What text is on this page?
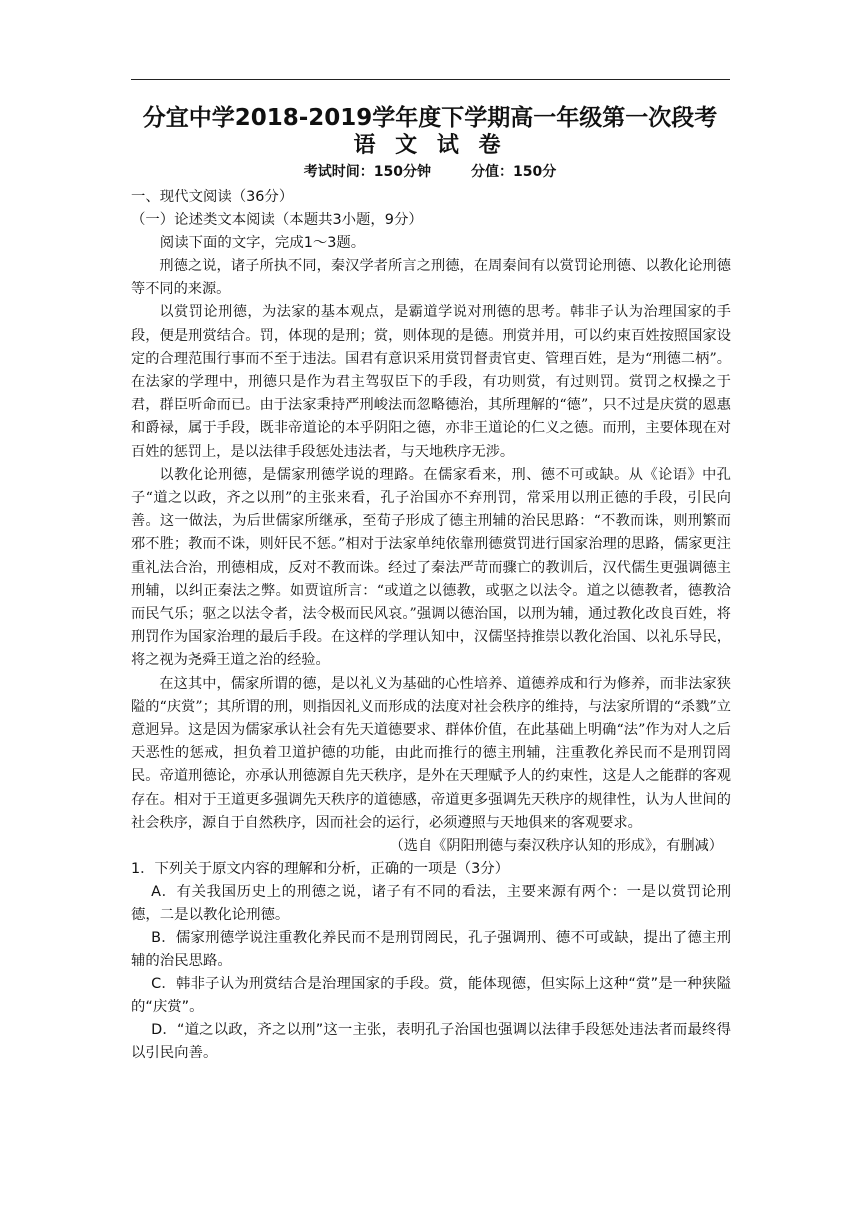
分宜中学2018-2019学年度下学期高一年级第一次段考
语 文 试 卷
考试时间：150分钟	分值：150分

一、现代文阅读（36分）

（一）论述类文本阅读（本题共3小题，9分）

阅读下面的文字，完成1～3题。

刑德之说，诸子所执不同，秦汉学者所言之刑德，在周秦间有以赏罚论刑德、以教化论刑德等不同的来源。

以赏罚论刑德，为法家的基本观点，是霸道学说对刑德的思考。韩非子认为治理国家的手段，便是刑赏结合。罚，体现的是刑；赏，则体现的是德。刑赏并用，可以约束百姓按照国家设定的合理范围行事而不至于违法。国君有意识采用赏罚督责官吏、管理百姓，是为“刑德二柄”。在法家的学理中，刑德只是作为君主驾驭臣下的手段，有功则赏，有过则罚。赏罚之权操之于君，群臣听命而已。由于法家秉持严刑峻法而忽略德治，其所理解的“德”，只不过是庆赏的恩惠和爵禄，属于手段，既非帝道论的本乎阴阳之德，亦非王道论的仁义之德。而刑，主要体现在对百姓的惩罚上，是以法律手段惩处违法者，与天地秩序无涉。

以教化论刑德，是儒家刑德学说的理路。在儒家看来，刑、德不可或缺。从《论语》中孔子“道之以政，齐之以刑”的主张来看，孔子治国亦不弃刑罚，常采用以刑正德的手段，引民向善。这一做法，为后世儒家所继承，至荀子形成了德主刑辅的治民思路：“不教而诛，则刑繁而邪不胜；教而不诛，则奸民不惩。”相对于法家单纯依靠刑德赏罚进行国家治理的思路，儒家更注重礼法合治，刑德相成，反对不教而诛。经过了秦法严苛而骤亡的教训后，汉代儒生更强调德主刑辅，以纠正秦法之弊。如贾谊所言：“或道之以德教，或驱之以法令。道之以德教者，德教洽而民气乐；驱之以法令者，法令极而民风哀。”强调以德治国，以刑为辅，通过教化改良百姓，将刑罚作为国家治理的最后手段。在这样的学理认知中，汉儒坚持推崇以教化治国、以礼乐导民，将之视为尧舜王道之治的经验。

在这其中，儒家所谓的德，是以礼义为基础的心性培养、道德养成和行为修养，而非法家狭隘的“庆赏”；其所谓的刑，则指因礼义而形成的法度对社会秩序的维持，与法家所谓的“杀戮”立意迥异。这是因为儒家承认社会有先天道德要求、群体价值，在此基础上明确“法”作为对人之后天恶性的惩戒，担负着卫道护德的功能，由此而推行的德主刑辅，注重教化养民而不是刑罚罔民。帝道刑德论，亦承认刑德源自先天秩序，是外在天理赋予人的约束性，这是人之能群的客观存在。相对于王道更多强调先天秩序的道德感，帝道更多强调先天秩序的规律性，认为人世间的社会秩序，源自于自然秩序，因而社会的运行，必须遵照与天地俱来的客观要求。

（选自《阴阳刑德与秦汉秩序认知的形成》，有删减）

1．下列关于原文内容的理解和分析，正确的一项是（3分）

A．有关我国历史上的刑德之说，诸子有不同的看法，主要来源有两个：一是以赏罚论刑德，二是以教化论刑德。

B．儒家刑德学说注重教化养民而不是刑罚罔民，孔子强调刑、德不可或缺，提出了德主刑辅的治民思路。

C．韩非子认为刑赏结合是治理国家的手段。赏，能体现德，但实际上这种“赏”是一种狭隘的“庆赏”。

D．“道之以政，齐之以刑”这一主张，表明孔子治国也强调以法律手段惩处违法者而最终得以引民向善。
